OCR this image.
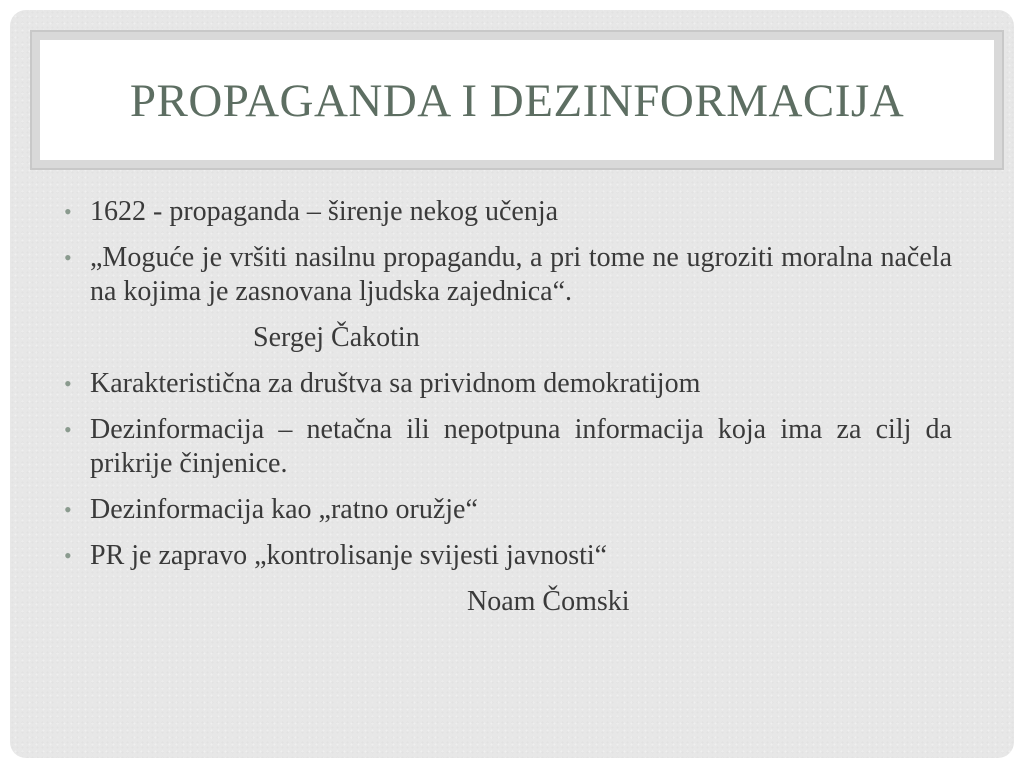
PROPAGANDA I DEZINFORMACIJA
• 1622 - propaganda – širenje nekog učenja
• „Moguće je vršiti nasilnu propagandu, a pri tome ne ugroziti moralna načela na kojima je zasnovana ljudska zajednica“.
Sergej Čakotin
• Karakteristična za društva sa prividnom demokratijom
• Dezinformacija – netačna ili nepotpuna informacija koja ima za cilj da prikrije činjenice.
• Dezinformacija kao „ratno oružje“
• PR je zapravo „kontrolisanje svijesti javnosti“
Noam Čomski
